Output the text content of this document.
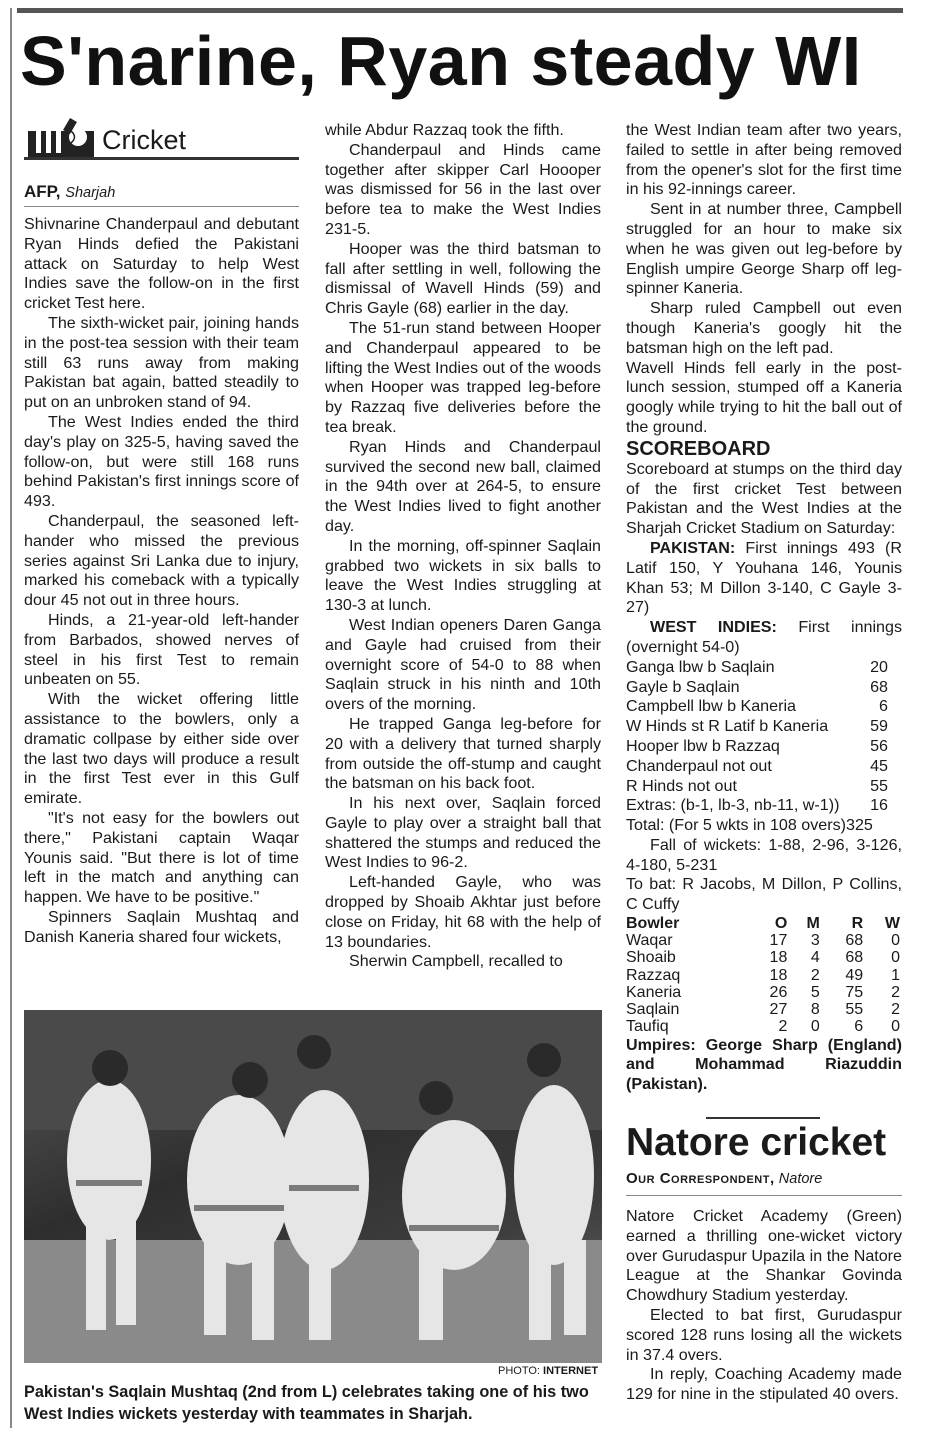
S'narine, Ryan steady WI
Cricket
AFP, Sharjah

Shivnarine Chanderpaul and debutant Ryan Hinds defied the Pakistani attack on Saturday to help West Indies save the follow-on in the first cricket Test here.

The sixth-wicket pair, joining hands in the post-tea session with their team still 63 runs away from making Pakistan bat again, batted steadily to put on an unbroken stand of 94.

The West Indies ended the third day's play on 325-5, having saved the follow-on, but were still 168 runs behind Pakistan's first innings score of 493.

Chanderpaul, the seasoned left-hander who missed the previous series against Sri Lanka due to injury, marked his comeback with a typically dour 45 not out in three hours.

Hinds, a 21-year-old left-hander from Barbados, showed nerves of steel in his first Test to remain unbeaten on 55.

With the wicket offering little assistance to the bowlers, only a dramatic collpase by either side over the last two days will produce a result in the first Test ever in this Gulf emirate.

"It's not easy for the bowlers out there," Pakistani captain Waqar Younis said. "But there is lot of time left in the match and anything can happen. We have to be positive."

Spinners Saqlain Mushtaq and Danish Kaneria shared four wickets,

while Abdur Razzaq took the fifth.

Chanderpaul and Hinds came together after skipper Carl Hoooper was dismissed for 56 in the last over before tea to make the West Indies 231-5.

Hooper was the third batsman to fall after settling in well, following the dismissal of Wavell Hinds (59) and Chris Gayle (68) earlier in the day.

The 51-run stand between Hooper and Chanderpaul appeared to be lifting the West Indies out of the woods when Hooper was trapped leg-before by Razzaq five deliveries before the tea break.

Ryan Hinds and Chanderpaul survived the second new ball, claimed in the 94th over at 264-5, to ensure the West Indies lived to fight another day.

In the morning, off-spinner Saqlain grabbed two wickets in six balls to leave the West Indies struggling at 130-3 at lunch.

West Indian openers Daren Ganga and Gayle had cruised from their overnight score of 54-0 to 88 when Saqlain struck in his ninth and 10th overs of the morning.

He trapped Ganga leg-before for 20 with a delivery that turned sharply from outside the off-stump and caught the batsman on his back foot.

In his next over, Saqlain forced Gayle to play over a straight ball that shattered the stumps and reduced the West Indies to 96-2.

Left-handed Gayle, who was dropped by Shoaib Akhtar just before close on Friday, hit 68 with the help of 13 boundaries.

Sherwin Campbell, recalled to

the West Indian team after two years, failed to settle in after being removed from the opener's slot for the first time in his 92-innings career.

Sent in at number three, Campbell struggled for an hour to make six when he was given out leg-before by English umpire George Sharp off leg-spinner Kaneria.

Sharp ruled Campbell out even though Kaneria's googly hit the batsman high on the left pad.

Wavell Hinds fell early in the post-lunch session, stumped off a Kaneria googly while trying to hit the ball out of the ground.

SCOREBOARD

Scoreboard at stumps on the third day of the first cricket Test between Pakistan and the West Indies at the Sharjah Cricket Stadium on Saturday:

PAKISTAN: First innings 493 (R Latif 150, Y Youhana 146, Younis Khan 53; M Dillon 3-140, C Gayle 3-27)

WEST INDIES: First innings (overnight 54-0)

Ganga lbw b Saqlain	20
Gayle b Saqlain	68
Campbell lbw b Kaneria	6
W Hinds st R Latif b Kaneria	59
Hooper lbw b Razzaq	56
Chanderpaul not out	45
R Hinds not out	55
Extras: (b-1, lb-3, nb-11, w-1)) 16

Total: (For 5 wkts in 108 overs)325

Fall of wickets: 1-88, 2-96, 3-126, 4-180, 5-231

To bat: R Jacobs, M Dillon, P Collins, C Cuffy

Bowler	O	M	R	W
Waqar	17	3	68	0
Shoaib	18	4	68	0
Razzaq	18	2	49	1
Kaneria	26	5	75	2
Saqlain	27	8	55	2
Taufiq	2	0	6	0

Umpires: George Sharp (England) and Mohammad Riazuddin (Pakistan).

PHOTO: INTERNET
Pakistan's Saqlain Mushtaq (2nd from L) celebrates taking one of his two West Indies wickets yesterday with teammates in Sharjah.
Natore cricket
Our Correspondent, Natore

Natore Cricket Academy (Green) earned a thrilling one-wicket victory over Gurudaspur Upazila in the Natore League at the Shankar Govinda Chowdhury Stadium yesterday.

Elected to bat first, Gurudaspur scored 128 runs losing all the wickets in 37.4 overs.

In reply, Coaching Academy made 129 for nine in the stipulated 40 overs.
